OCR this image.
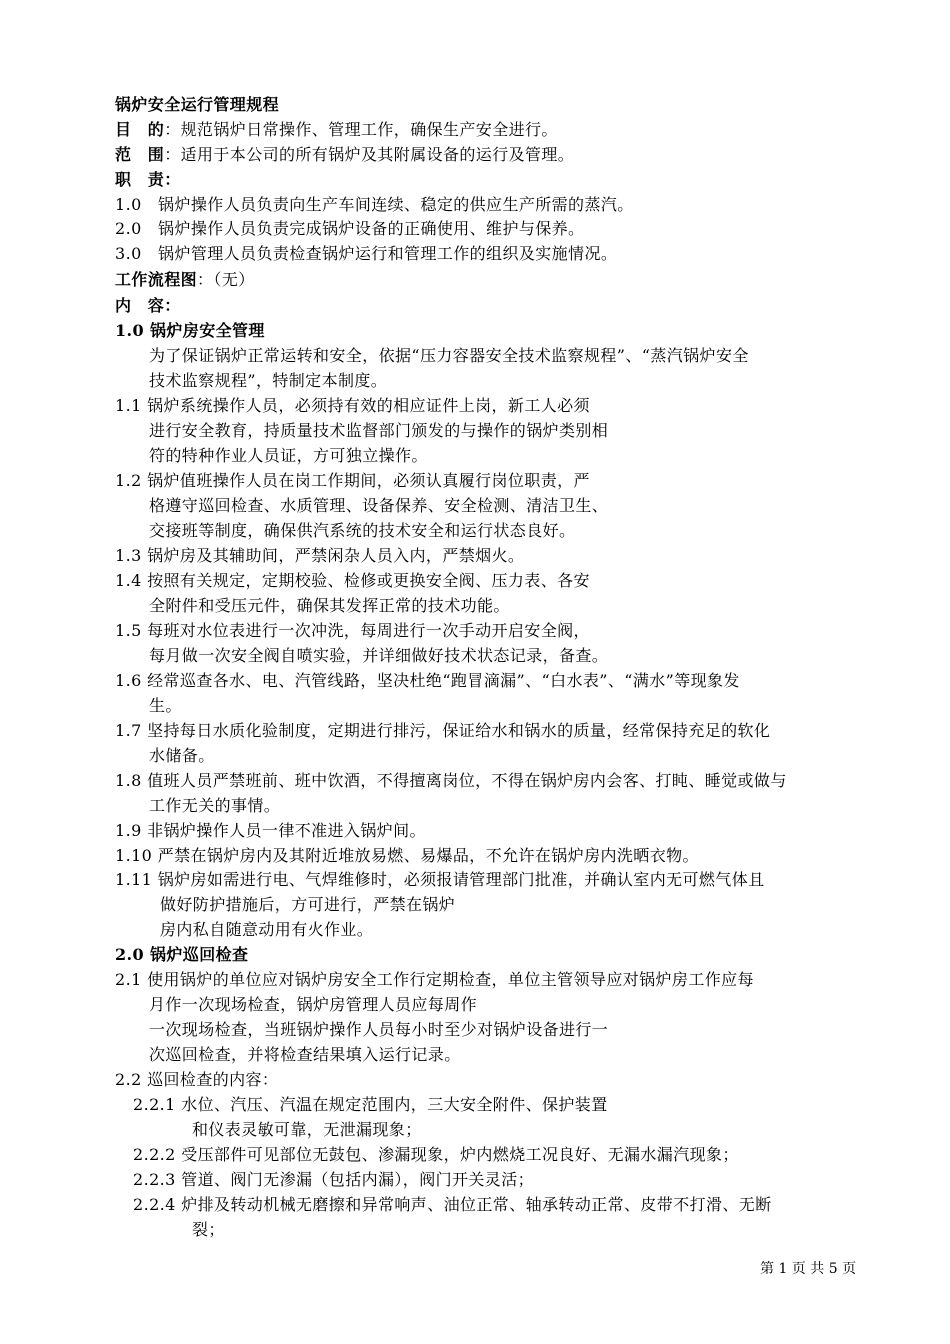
锅炉安全运行管理规程
目　的：规范锅炉日常操作、管理工作，确保生产安全进行。
范　围：适用于本公司的所有锅炉及其附属设备的运行及管理。
职　责：
1.0　锅炉操作人员负责向生产车间连续、稳定的供应生产所需的蒸汽。
2.0　锅炉操作人员负责完成锅炉设备的正确使用、维护与保养。
3.0　锅炉管理人员负责检查锅炉运行和管理工作的组织及实施情况。
工作流程图：（无）
内　容：
1.0 锅炉房安全管理
为了保证锅炉正常运转和安全，依据“压力容器安全技术监察规程”、“蒸汽锅炉安全
技术监察规程”，特制定本制度。
1.1 锅炉系统操作人员，必须持有效的相应证件上岗，新工人必须
进行安全教育，持质量技术监督部门颁发的与操作的锅炉类别相
符的特种作业人员证，方可独立操作。
1.2 锅炉值班操作人员在岗工作期间，必须认真履行岗位职责，严
格遵守巡回检查、水质管理、设备保养、安全检测、清洁卫生、
交接班等制度，确保供汽系统的技术安全和运行状态良好。
1.3 锅炉房及其辅助间，严禁闲杂人员入内，严禁烟火。
1.4 按照有关规定，定期校验、检修或更换安全阀、压力表、各安
全附件和受压元件，确保其发挥正常的技术功能。
1.5 每班对水位表进行一次冲洗，每周进行一次手动开启安全阀，
每月做一次安全阀自喷实验，并详细做好技术状态记录，备查。
1.6 经常巡查各水、电、汽管线路，坚决杜绝“跑冒滴漏”、“白水表”、“满水”等现象发
生。
1.7 坚持每日水质化验制度，定期进行排污，保证给水和锅水的质量，经常保持充足的软化
水储备。
1.8 值班人员严禁班前、班中饮酒，不得擅离岗位，不得在锅炉房内会客、打盹、睡觉或做与
工作无关的事情。
1.9 非锅炉操作人员一律不准进入锅炉间。
1.10 严禁在锅炉房内及其附近堆放易燃、易爆品，不允许在锅炉房内洗晒衣物。
1.11 锅炉房如需进行电、气焊维修时，必须报请管理部门批准，并确认室内无可燃气体且
做好防护措施后，方可进行，严禁在锅炉
房内私自随意动用有火作业。
2.0 锅炉巡回检查
2.1 使用锅炉的单位应对锅炉房安全工作行定期检查，单位主管领导应对锅炉房工作应每
月作一次现场检查，锅炉房管理人员应每周作
一次现场检查，当班锅炉操作人员每小时至少对锅炉设备进行一
次巡回检查，并将检查结果填入运行记录。
2.2 巡回检查的内容：
2.2.1 水位、汽压、汽温在规定范围内，三大安全附件、保护装置
和仪表灵敏可靠，无泄漏现象；
2.2.2 受压部件可见部位无鼓包、渗漏现象，炉内燃烧工况良好、无漏水漏汽现象；
2.2.3 管道、阀门无渗漏（包括内漏），阀门开关灵活；
2.2.4 炉排及转动机械无磨擦和异常响声、油位正常、轴承转动正常、皮带不打滑、无断
裂；
第 1 页 共 5 页
